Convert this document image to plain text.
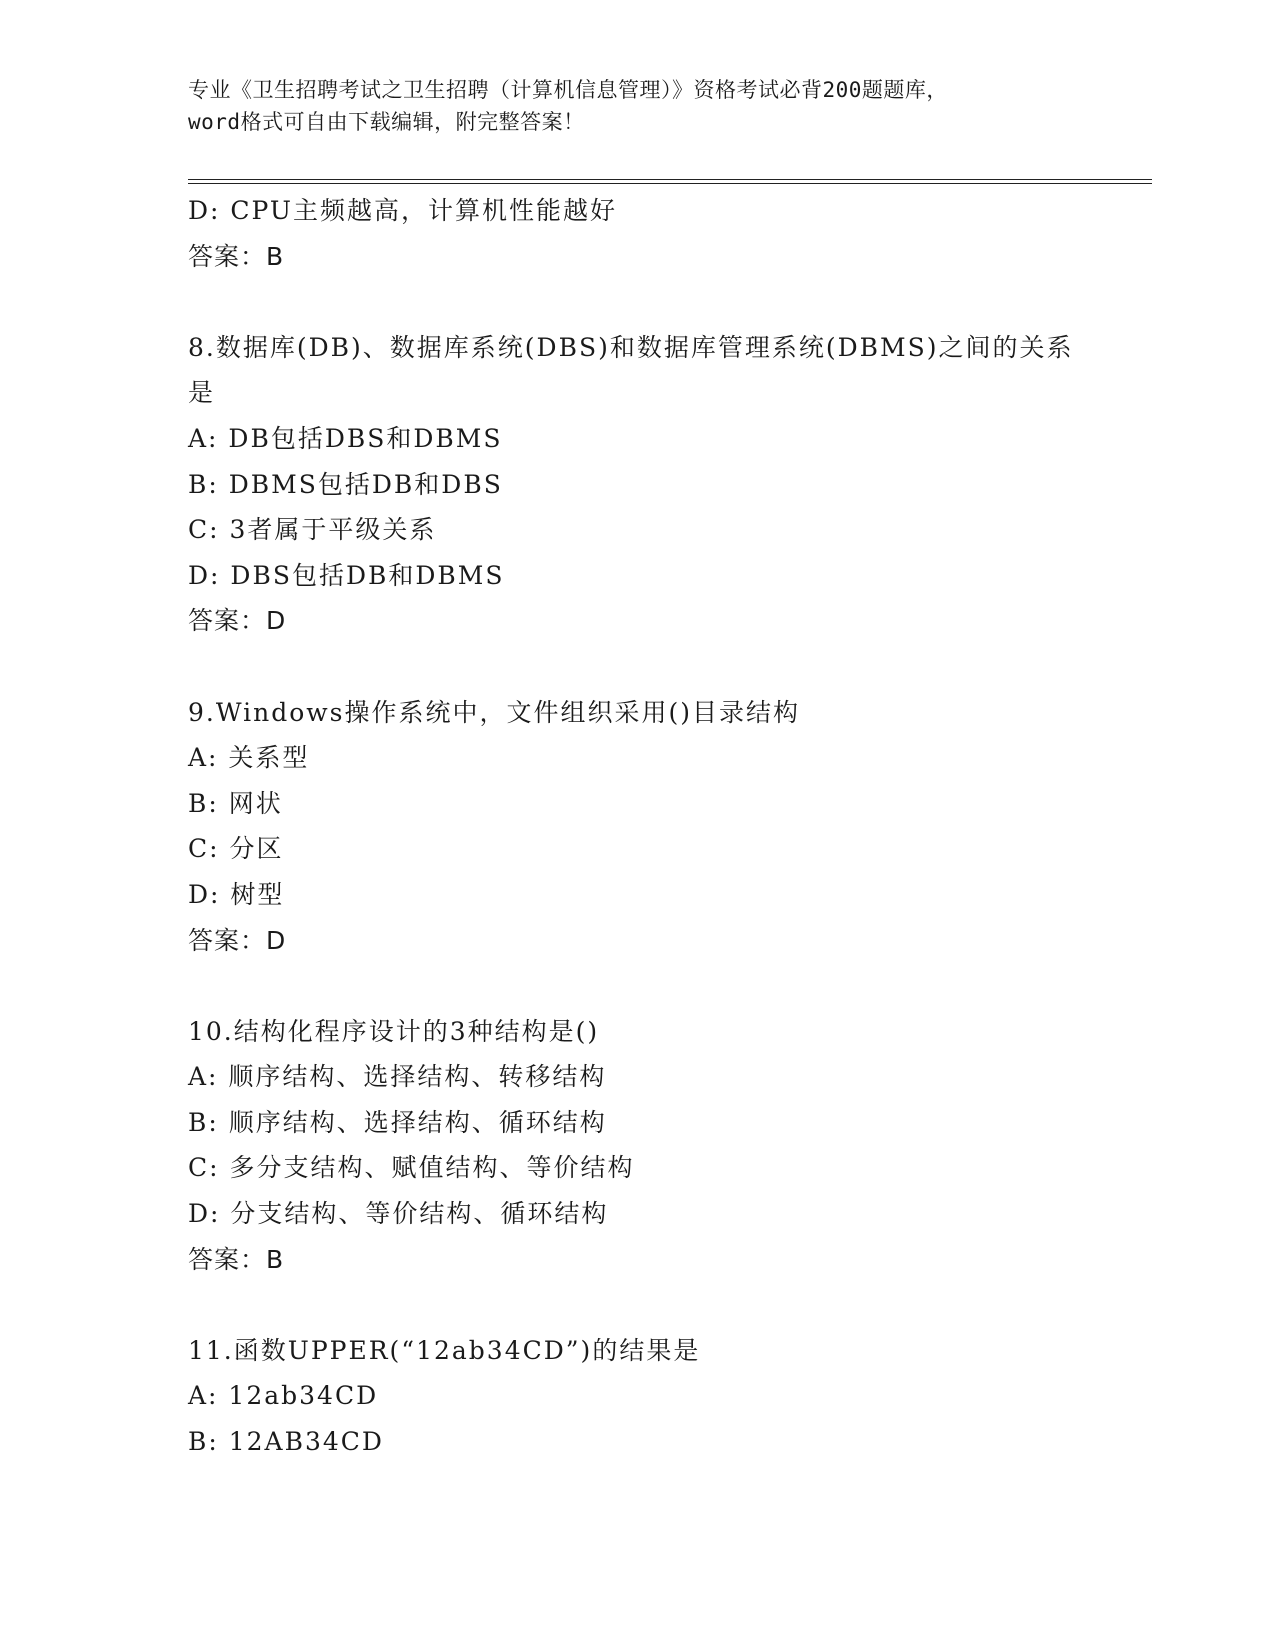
专业《卫生招聘考试之卫生招聘（计算机信息管理）》资格考试必背200题题库，
word格式可自由下载编辑，附完整答案！
D: CPU主频越高，计算机性能越好
答案：B
8.数据库(DB)、数据库系统(DBS)和数据库管理系统(DBMS)之间的关系
是
A: DB包括DBS和DBMS
B: DBMS包括DB和DBS
C: 3者属于平级关系
D: DBS包括DB和DBMS
答案：D
9.Windows操作系统中，文件组织采用()目录结构
A: 关系型
B: 网状
C: 分区
D: 树型
答案：D
10.结构化程序设计的3种结构是()
A: 顺序结构、选择结构、转移结构
B: 顺序结构、选择结构、循环结构
C: 多分支结构、赋值结构、等价结构
D: 分支结构、等价结构、循环结构
答案：B
11.函数UPPER(“12ab34CD”)的结果是
A: 12ab34CD
B: 12AB34CD
